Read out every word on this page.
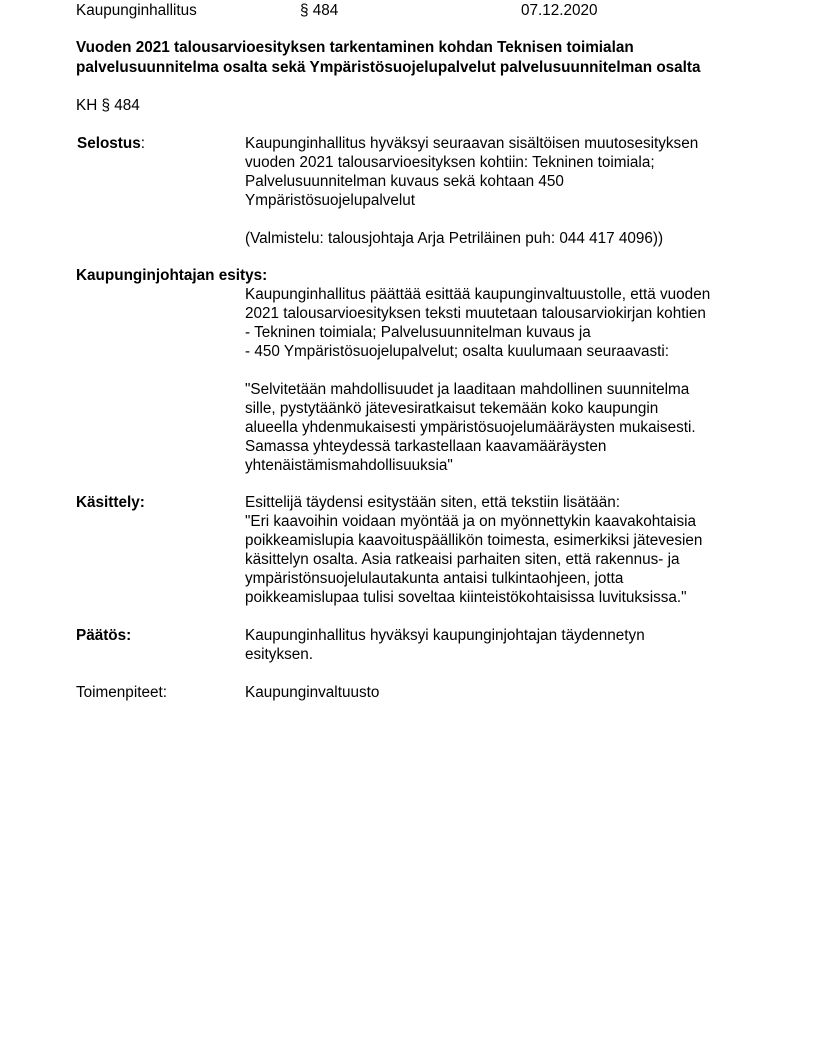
Kaupunginhallitus	§ 484	07.12.2020
Vuoden 2021 talousarvioesityksen tarkentaminen kohdan Teknisen toimialan
palvelusuunnitelma osalta sekä Ympäristösuojelupalvelut palvelusuunnitelman osalta
KH § 484
Selostus:	Kaupunginhallitus hyväksyi seuraavan sisältöisen muutosesityksen

vuoden 2021 talousarvioesityksen kohtiin: Tekninen toimiala;

Palvelusuunnitelman kuvaus sekä kohtaan 450

Ympäristösuojelupalvelut

(Valmistelu: talousjohtaja Arja Petriläinen puh: 044 417 4096))

Kaupunginjohtajan esitys:

Kaupunginhallitus päättää esittää kaupunginvaltuustolle, että vuoden

2021 talousarvioesityksen teksti muutetaan talousarviokirjan kohtien

- Tekninen toimiala; Palvelusuunnitelman kuvaus ja

- 450 Ympäristösuojelupalvelut; osalta kuulumaan seuraavasti:

"Selvitetään mahdollisuudet ja laaditaan mahdollinen suunnitelma

sille, pystytäänkö jätevesiratkaisut tekemään koko kaupungin

alueella yhdenmukaisesti ympäristösuojelumääräysten mukaisesti.

Samassa yhteydessä tarkastellaan kaavamääräysten

yhtenäistämismahdollisuuksia"

Käsittely:	Esittelijä täydensi esitystään siten, että tekstiin lisätään:

"Eri kaavoihin voidaan myöntää ja on myönnettykin kaavakohtaisia

poikkeamislupia kaavoituspäällikön toimesta, esimerkiksi jätevesien

käsittelyn osalta. Asia ratkeaisi parhaiten siten, että rakennus- ja

ympäristönsuojelulautakunta antaisi tulkintaohjeen, jotta

poikkeamislupaa tulisi soveltaa kiinteistökohtaisissa luvituksissa."

Päätös:	Kaupunginhallitus hyväksyi kaupunginjohtajan täydennetyn

esityksen.

Toimenpiteet:	Kaupunginvaltuusto
